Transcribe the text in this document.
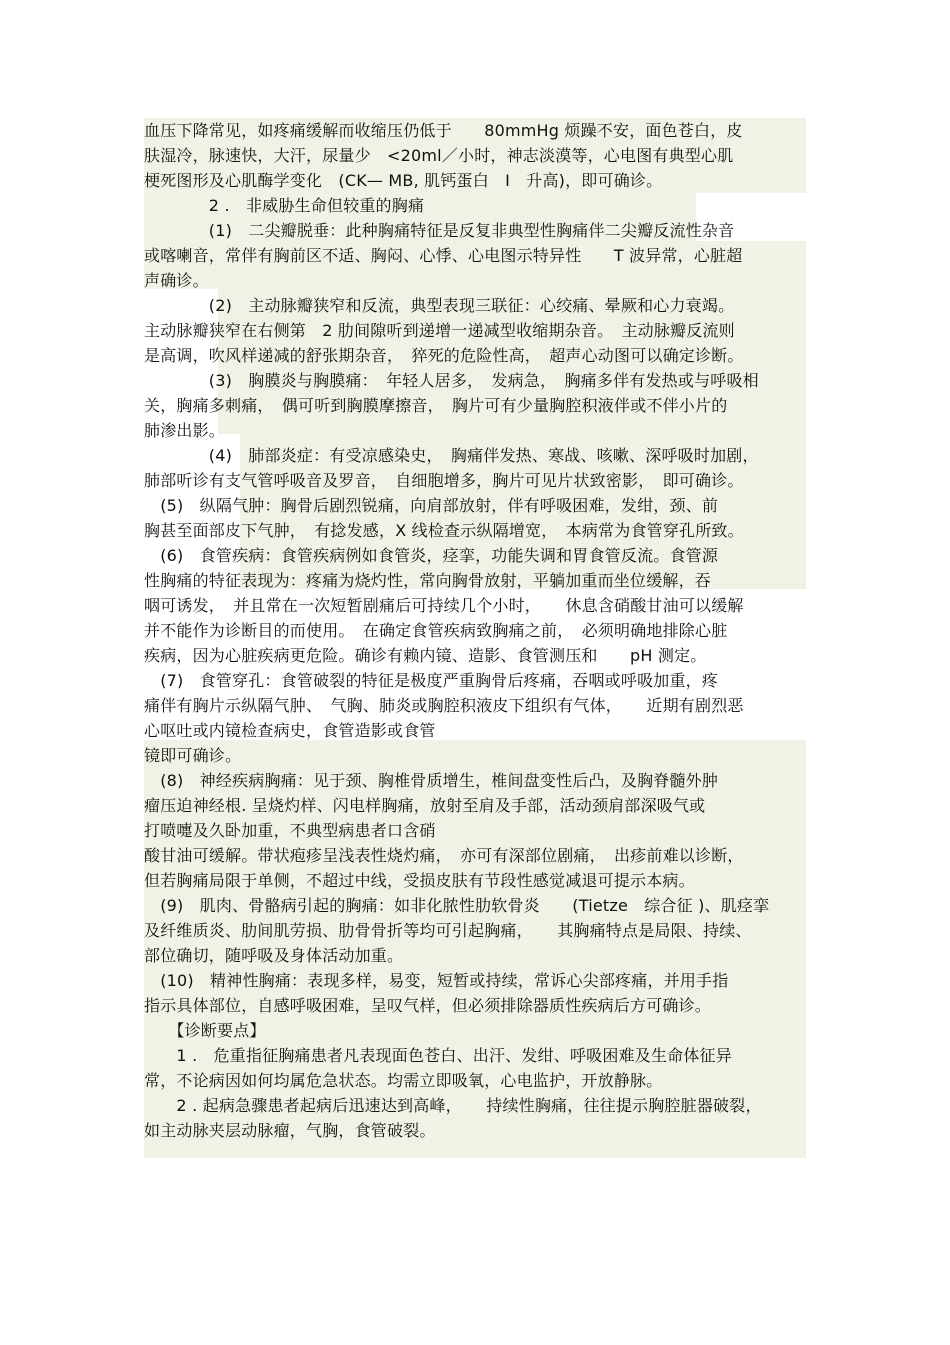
血压下降常见，如疼痛缓解而收缩压仍低于　　80mmHg 烦躁不安，面色苍白，皮
肤湿冷，脉速快，大汗，尿量少　<20ml／小时，神志淡漠等，心电图有典型心肌
梗死图形及心肌酶学变化　(CK— MB, 肌钙蛋白　I　升高)，即可确诊。
　　　　2 .　非威胁生命但较重的胸痛
　　　　(1)　二尖瓣脱垂：此种胸痛特征是反复非典型性胸痛伴二尖瓣反流性杂音
或喀喇音，常伴有胸前区不适、胸闷、心悸、心电图示特异性　　T 波异常，心脏超
声确诊。
　　　　(2)　主动脉瓣狭窄和反流，典型表现三联征：心绞痛、晕厥和心力衰竭。
主动脉瓣狭窄在右侧第　2 肋间隙听到递增一递减型收缩期杂音。　主动脉瓣反流则
是高调，吹风样递减的舒张期杂音，　猝死的危险性高，　超声心动图可以确定诊断。
　　　　(3)　胸膜炎与胸膜痛：　年轻人居多，　发病急，　胸痛多伴有发热或与呼吸相
关，胸痛多刺痛，　偶可听到胸膜摩擦音，　胸片可有少量胸腔积液伴或不伴小片的
肺渗出影。
　　　　(4)　肺部炎症：有受凉感染史，　胸痛伴发热、寒战、咳嗽、深呼吸时加剧，
肺部听诊有支气管呼吸音及罗音，　自细胞增多，胸片可见片状致密影，　即可确诊。
　(5)　纵隔气肿：胸骨后剧烈锐痛，向肩部放射，伴有呼吸困难，发绀，颈、前
胸甚至面部皮下气肿，　有捻发感，X 线检查示纵隔增宽，　本病常为食管穿孔所致。
　(6)　食管疾病：食管疾病例如食管炎，痉挛，功能失调和胃食管反流。食管源
性胸痛的特征表现为：疼痛为烧灼性，常向胸骨放射，平躺加重而坐位缓解，吞
咽可诱发，　并且常在一次短暂剧痛后可持续几个小时，　　休息含硝酸甘油可以缓解
并不能作为诊断目的而使用。　在确定食管疾病致胸痛之前，　必须明确地排除心脏
疾病，因为心脏疾病更危险。确诊有赖内镜、造影、食管测压和　　pH 测定。
　(7)　食管穿孔：食管破裂的特征是极度严重胸骨后疼痛，吞咽或呼吸加重，疼
痛伴有胸片示纵隔气肿、　气胸、肺炎或胸腔积液皮下组织有气体，　　近期有剧烈恶
心呕吐或内镜检查病史，食管造影或食管
镜即可确诊。
　(8)　神经疾病胸痛：见于颈、胸椎骨质增生，椎间盘变性后凸，及胸脊髓外肿
瘤压迫神经根. 呈烧灼样、闪电样胸痛，放射至肩及手部，活动颈肩部深吸气或
打喷嚏及久卧加重，不典型病患者口含硝
酸甘油可缓解。带状疱疹呈浅表性烧灼痛，　亦可有深部位剧痛，　出疹前难以诊断，
但若胸痛局限于单侧，不超过中线，受损皮肤有节段性感觉减退可提示本病。
　(9)　肌肉、骨骼病引起的胸痛：如非化脓性肋软骨炎　　(Tietze　综合征 )、肌痉挛
及纤维质炎、肋间肌劳损、肋骨骨折等均可引起胸痛，　　其胸痛特点是局限、持续、
部位确切，随呼吸及身体活动加重。
　(10)　精神性胸痛：表现多样，易变，短暂或持续，常诉心尖部疼痛，并用手指
指示具体部位，自感呼吸困难，呈叹气样，但必须排除器质性疾病后方可确诊。
　　【诊断要点】
　　1 .　危重指征胸痛患者凡表现面色苍白、出汗、发绀、呼吸困难及生命体征异
常，不论病因如何均属危急状态。均需立即吸氧，心电监护，开放静脉。
　　2 . 起病急骤患者起病后迅速达到高峰，　　持续性胸痛，往往提示胸腔脏器破裂，
如主动脉夹层动脉瘤，气胸，食管破裂。
